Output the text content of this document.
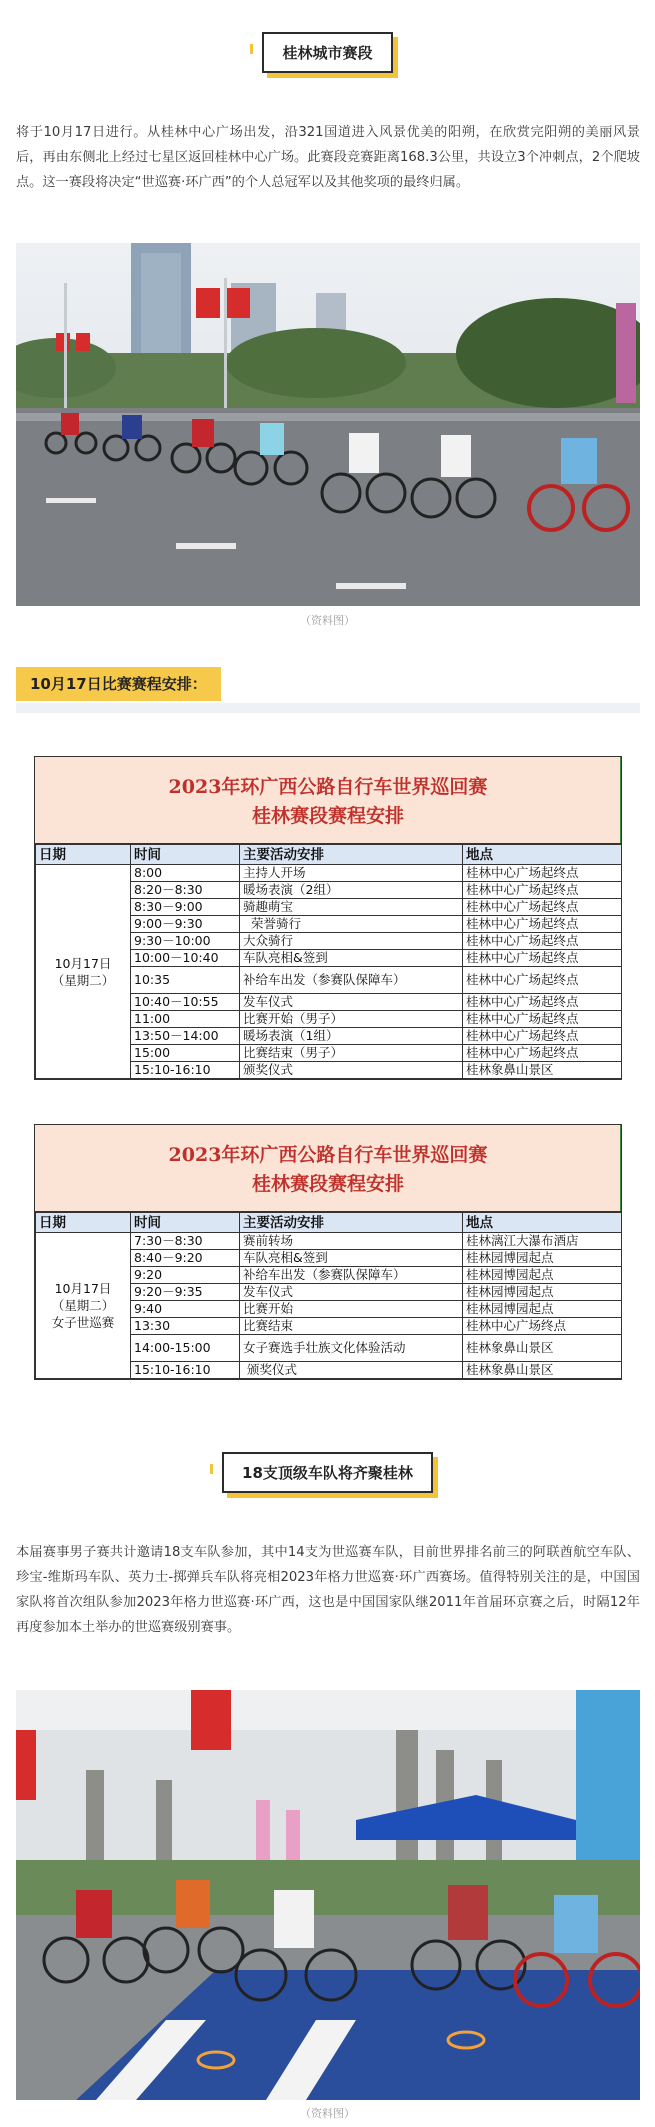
桂林城市赛段

将于10月17日进行。从桂林中心广场出发，沿321国道进入风景优美的阳朔，在欣赏完阳朔的美丽风景后，再由东侧北上经过七星区返回桂林中心广场。此赛段竞赛距离168.3公里，共设立3个冲刺点，2个爬坡点。这一赛段将决定“世巡赛·环广西”的个人总冠军以及其他奖项的最终归属。

（资料图）
10月17日比赛赛程安排：
2023年环广西公路自行车世界巡回赛
桂林赛段赛程安排
日期	时间	主要活动安排	地点

10月17日
（星期二）	8:00	主持人开场	桂林中心广场起终点
	8:20－8:30	暖场表演（2组）	桂林中心广场起终点
	8:30－9:00	骑趣萌宝	桂林中心广场起终点
	9:00－9:30	荣誉骑行	桂林中心广场起终点
	9:30－10:00	大众骑行	桂林中心广场起终点
	10:00－10:40	车队亮相&签到	桂林中心广场起终点
	10:35	补给车出发（参赛队保障车）	桂林中心广场起终点
	10:40－10:55	发车仪式	桂林中心广场起终点
	11:00	比赛开始（男子）	桂林中心广场起终点
	13:50－14:00	暖场表演（1组）	桂林中心广场起终点
	15:00	比赛结束（男子）	桂林中心广场起终点
	15:10-16:10	颁奖仪式	桂林象鼻山景区
2023年环广西公路自行车世界巡回赛
桂林赛段赛程安排
日期	时间	主要活动安排	地点

10月17日
（星期二）
女子世巡赛	7:30－8:30	赛前转场	桂林漓江大瀑布酒店
	8:40－9:20	车队亮相&签到	桂林园博园起点
	9:20	补给车出发（参赛队保障车）	桂林园博园起点
	9:20－9:35	发车仪式	桂林园博园起点
	9:40	比赛开始	桂林园博园起点
	13:30	比赛结束	桂林中心广场终点
	14:00-15:00	女子赛选手壮族文化体验活动	桂林象鼻山景区
	15:10-16:10	颁奖仪式	桂林象鼻山景区
18支顶级车队将齐聚桂林

本届赛事男子赛共计邀请18支车队参加，其中14支为世巡赛车队，目前世界排名前三的阿联酋航空车队、珍宝-维斯玛车队、英力士-掷弹兵车队将亮相2023年格力世巡赛·环广西赛场。值得特别关注的是，中国国家队将首次组队参加2023年格力世巡赛·环广西，这也是中国国家队继2011年首届环京赛之后，时隔12年再度参加本土举办的世巡赛级别赛事。

（资料图）
